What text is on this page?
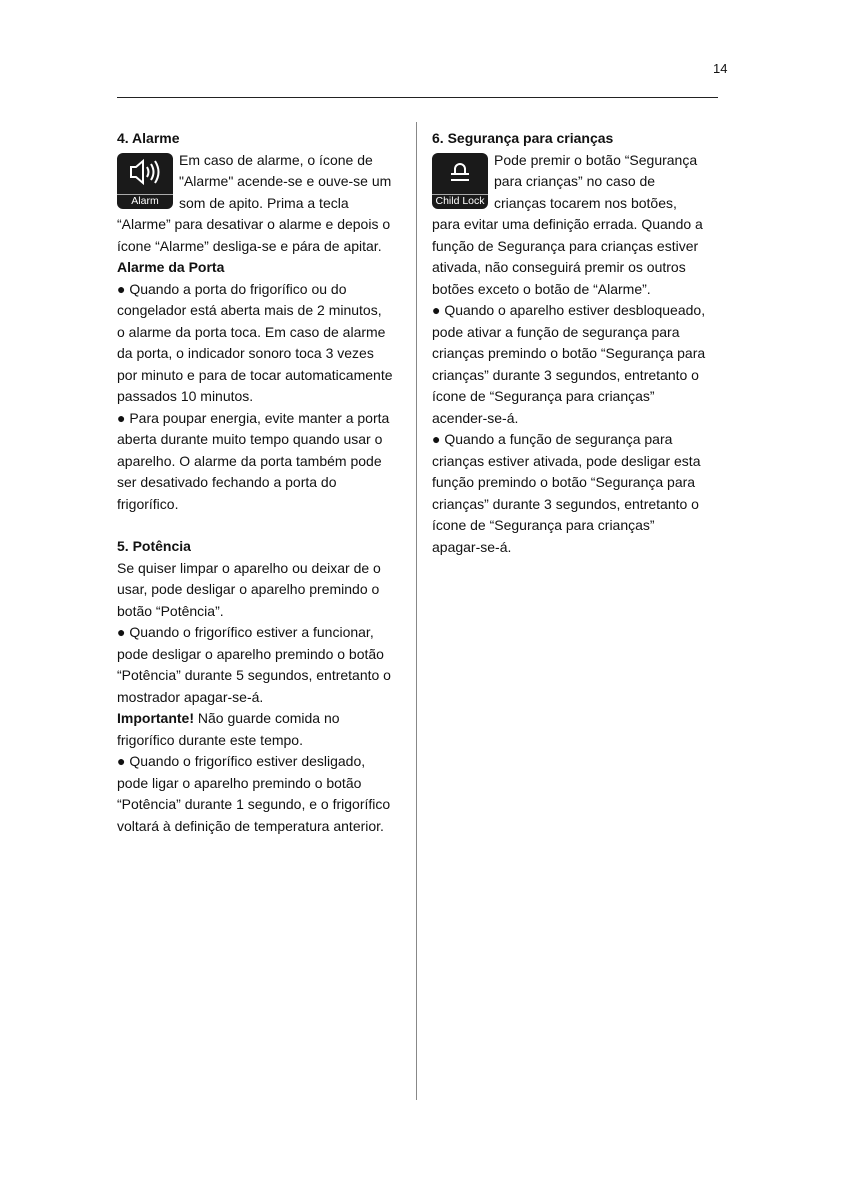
14

4. Alarme

Alarm

Em caso de alarme, o ícone de

"Alarme" acende-se e ouve-se um

som de apito. Prima a tecla

“Alarme” para desativar o alarme e depois o

ícone “Alarme” desliga-se e pára de apitar.

Alarme da Porta

● Quando a porta do frigorífico ou do

congelador está aberta mais de 2 minutos,

o alarme da porta toca. Em caso de alarme

da porta, o indicador sonoro toca 3 vezes

por minuto e para de tocar automaticamente

passados 10 minutos.

● Para poupar energia, evite manter a porta

aberta durante muito tempo quando usar o

aparelho. O alarme da porta também pode

ser desativado fechando a porta do

frigorífico.

5. Potência

Se quiser limpar o aparelho ou deixar de o

usar, pode desligar o aparelho premindo o

botão “Potência”.

● Quando o frigorífico estiver a funcionar,

pode desligar o aparelho premindo o botão

“Potência” durante 5 segundos, entretanto o

mostrador apagar-se-á.

Importante! Não guarde comida no

frigorífico durante este tempo.

● Quando o frigorífico estiver desligado,

pode ligar o aparelho premindo o botão

“Potência” durante 1 segundo, e o frigorífico

voltará à definição de temperatura anterior.

6. Segurança para crianças

Child Lock

Pode premir o botão “Segurança

para crianças” no caso de

crianças tocarem nos botões,

para evitar uma definição errada. Quando a

função de Segurança para crianças estiver

ativada, não conseguirá premir os outros

botões exceto o botão de “Alarme”.

● Quando o aparelho estiver desbloqueado,

pode ativar a função de segurança para

crianças premindo o botão “Segurança para

crianças” durante 3 segundos, entretanto o

ícone de “Segurança para crianças”

acender-se-á.

● Quando a função de segurança para

crianças estiver ativada, pode desligar esta

função premindo o botão “Segurança para

crianças” durante 3 segundos, entretanto o

ícone de “Segurança para crianças”

apagar-se-á.
